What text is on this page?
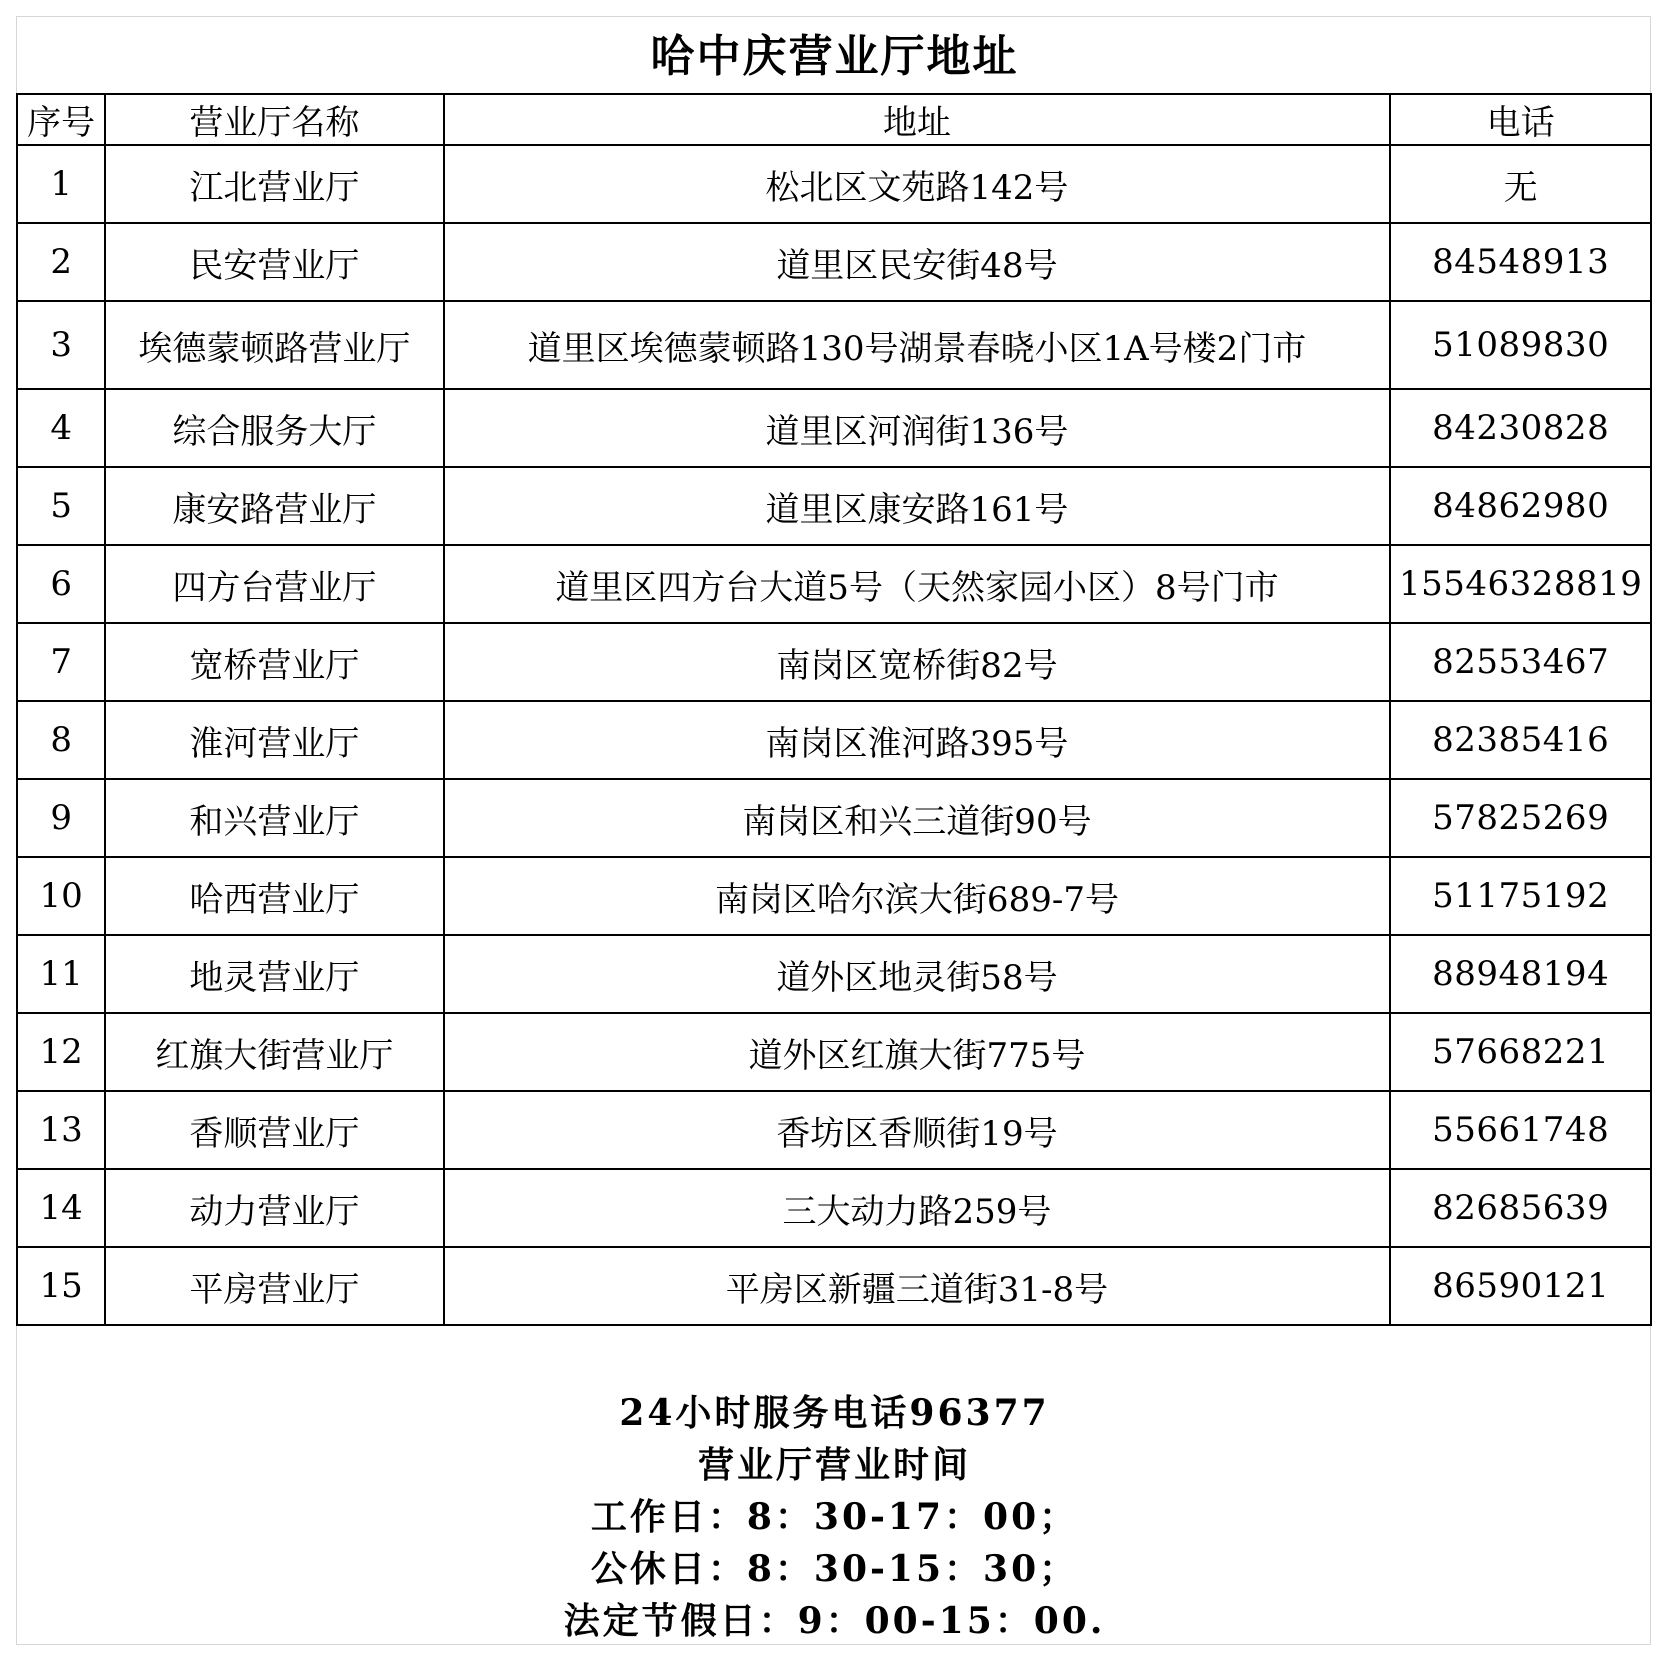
哈中庆营业厅地址
序号	营业厅名称	地址	电话
1	江北营业厅	松北区文苑路142号	无
2	民安营业厅	道里区民安街48号	84548913
3	埃德蒙顿路营业厅	道里区埃德蒙顿路130号湖景春晓小区1A号楼2门市	51089830
4	综合服务大厅	道里区河润街136号	84230828
5	康安路营业厅	道里区康安路161号	84862980
6	四方台营业厅	道里区四方台大道5号（天然家园小区）8号门市	15546328819
7	宽桥营业厅	南岗区宽桥街82号	82553467
8	淮河营业厅	南岗区淮河路395号	82385416
9	和兴营业厅	南岗区和兴三道街90号	57825269
10	哈西营业厅	南岗区哈尔滨大街689-7号	51175192
11	地灵营业厅	道外区地灵街58号	88948194
12	红旗大街营业厅	道外区红旗大街775号	57668221
13	香顺营业厅	香坊区香顺街19号	55661748
14	动力营业厅	三大动力路259号	82685639
15	平房营业厅	平房区新疆三道街31-8号	86590121
24小时服务电话96377
营业厅营业时间
工作日：8：30-17：00；
公休日：8：30-15：30；
法定节假日：9：00-15：00.
